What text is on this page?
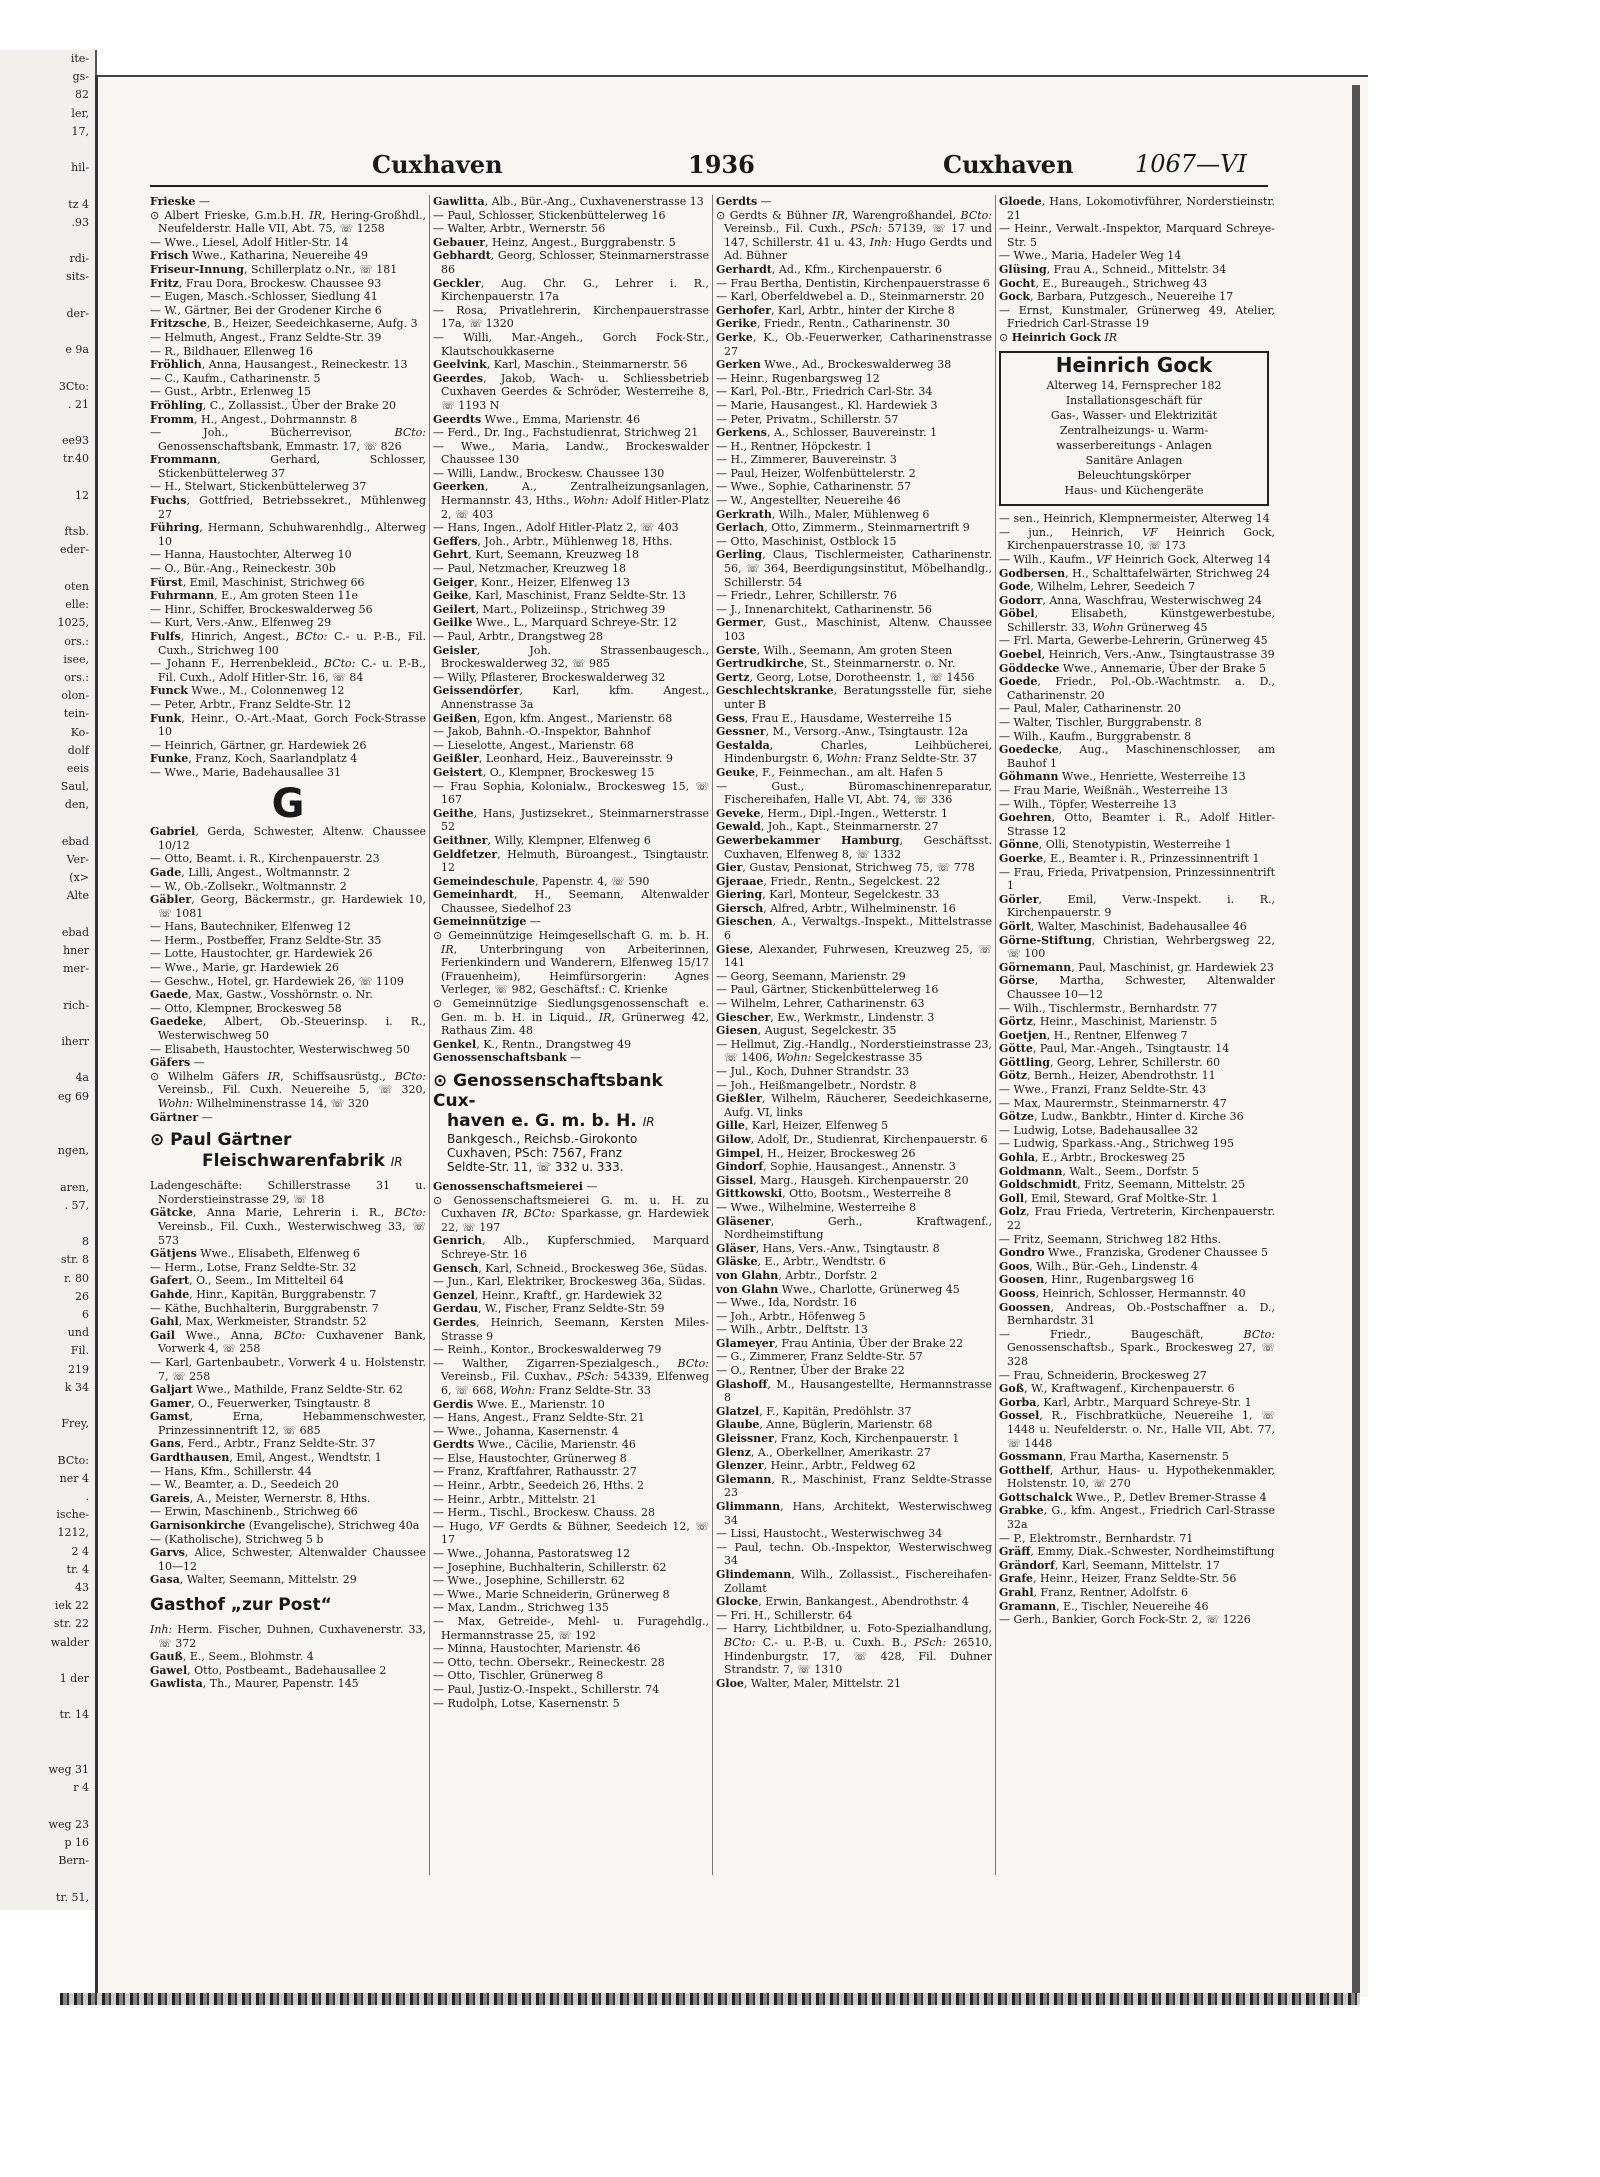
ite-
gs-
82
ler,
17,

hil-

tz 4
.93

rdi-
sits-

der-

e 9a

3Cto:
. 21

ee93
tr.40

12

ftsb.
eder-

oten
elle:
1025,
ors.:
isee,
ors.:
olon-
tein-
Ko-
dolf
eeis
Saul,
den,

ebad
Ver-
(x>
Alte

ebad
hner
mer-

rich-

iherr

4a
eg 69

ngen,

aren,
. 57,

8
str. 8
r. 80
26
6
und
Fil.
219
k 34

Frey,

BCto:
ner 4
.
ische-
1212,
2 4
tr. 4
43
iek 22
str. 22
walder

1 der

tr. 14

weg 31
r 4

weg 23
p 16
Bern-

tr. 51,
Cuxhaven	1936	Cuxhaven	1067—VI

Frieske —

⊙ Albert Frieske, G.m.b.H. IR, Hering-Großhdl., Neufelderstr. Halle VII, Abt. 75, ☏ 1258

— Wwe., Liesel, Adolf Hitler-Str. 14

Frisch Wwe., Katharina, Neuereihe 49

Friseur-Innung, Schillerplatz o.Nr., ☏ 181

Fritz, Frau Dora, Brockesw. Chaussee 93

— Eugen, Masch.-Schlosser, Siedlung 41

— W., Gärtner, Bei der Grodener Kirche 6

Fritzsche, B., Heizer, Seedeichkaserne, Aufg. 3

— Helmuth, Angest., Franz Seldte-Str. 39

— R., Bildhauer, Ellenweg 16

Fröhlich, Anna, Hausangest., Reineckestr. 13

— C., Kaufm., Catharinenstr. 5

— Gust., Arbtr., Erlenweg 15

Fröhling, C., Zollassist., Über der Brake 20

Fromm, H., Angest., Dohrmannstr. 8

— Joh., Bücherrevisor, BCto: Genossenschaftsbank, Emmastr. 17, ☏ 826

Frommann, Gerhard, Schlosser, Stickenbüttelerweg 37

— H., Stelwart, Stickenbüttelerweg 37

Fuchs, Gottfried, Betriebssekret., Mühlenweg 27

Führing, Hermann, Schuhwarenhdlg., Alterweg 10

— Hanna, Haustochter, Alterweg 10

— O., Bür.-Ang., Reineckestr. 30b

Fürst, Emil, Maschinist, Strichweg 66

Fuhrmann, E., Am groten Steen 11e

— Hinr., Schiffer, Brockeswalderweg 56

— Kurt, Vers.-Anw., Elfenweg 29

Fulfs, Hinrich, Angest., BCto: C.- u. P.-B., Fil. Cuxh., Strichweg 100

— Johann F., Herrenbekleid., BCto: C.- u. P.-B., Fil. Cuxh., Adolf Hitler-Str. 16, ☏ 84

Funck Wwe., M., Colonnenweg 12

— Peter, Arbtr., Franz Seldte-Str. 12

Funk, Heinr., O.-Art.-Maat, Gorch Fock-Strasse 10

— Heinrich, Gärtner, gr. Hardewiek 26

Funke, Franz, Koch, Saarlandplatz 4

— Wwe., Marie, Badehausallee 31

G

Gabriel, Gerda, Schwester, Altenw. Chaussee 10/12

— Otto, Beamt. i. R., Kirchenpauerstr. 23

Gade, Lilli, Angest., Woltmannstr. 2

— W., Ob.-Zollsekr., Woltmannstr. 2

Gäbler, Georg, Bäckermstr., gr. Hardewiek 10, ☏ 1081

— Hans, Bautechniker, Elfenweg 12

— Herm., Postbeffer, Franz Seldte-Str. 35

— Lotte, Haustochter, gr. Hardewiek 26

— Wwe., Marie, gr. Hardewiek 26

— Geschw., Hotel, gr. Hardewiek 26, ☏ 1109

Gaede, Max, Gastw., Vosshörnstr. o. Nr.

— Otto, Klempner, Brockesweg 58

Gaedeke, Albert, Ob.-Steuerinsp. i. R., Westerwischweg 50

— Elisabeth, Haustochter, Westerwischweg 50

Gäfers —

⊙ Wilhelm Gäfers IR, Schiffsausrüstg., BCto: Vereinsb., Fil. Cuxh. Neuereihe 5, ☏ 320, Wohn: Wilhelminenstrasse 14, ☏ 320

Gärtner —

⊙ Paul Gärtner
Fleischwarenfabrik IR

Ladengeschäfte: Schillerstrasse 31 u. Norderstieinstrasse 29, ☏ 18

Gätcke, Anna Marie, Lehrerin i. R., BCto: Vereinsb., Fil. Cuxh., Westerwischweg 33, ☏ 573

Gätjens Wwe., Elisabeth, Elfenweg 6

— Herm., Lotse, Franz Seldte-Str. 32

Gafert, O., Seem., Im Mittelteil 64

Gahde, Hinr., Kapitän, Burggrabenstr. 7

— Käthe, Buchhalterin, Burggrabenstr. 7

Gahl, Max, Werkmeister, Strandstr. 52

Gail Wwe., Anna, BCto: Cuxhavener Bank, Vorwerk 4, ☏ 258

— Karl, Gartenbaubetr., Vorwerk 4 u. Holstenstr. 7, ☏ 258

Galjart Wwe., Mathilde, Franz Seldte-Str. 62

Gamer, O., Feuerwerker, Tsingtaustr. 8

Gamst, Erna, Hebammenschwester, Prinzessinnentrift 12, ☏ 685

Gans, Ferd., Arbtr., Franz Seldte-Str. 37

Gardthausen, Emil, Angest., Wendtstr. 1

— Hans, Kfm., Schillerstr. 44

— W., Beamter, a. D., Seedeich 20

Gareis, A., Meister, Wernerstr. 8, Hths.

— Erwin, Maschinenb., Strichweg 66

Garnisonkirche (Evangelische), Strichweg 40a

— (Katholische), Strichweg 5 b

Garvs, Alice, Schwester, Altenwalder Chaussee 10—12

Gasa, Walter, Seemann, Mittelstr. 29

Gasthof „zur Post“

Inh: Herm. Fischer, Duhnen, Cuxhavenerstr. 33, ☏ 372

Gauß, E., Seem., Blohmstr. 4

Gawel, Otto, Postbeamt., Badehausallee 2

Gawlista, Th., Maurer, Papenstr. 145

Gawlitta, Alb., Bür.-Ang., Cuxhavenerstrasse 13

— Paul, Schlosser, Stickenbüttelerweg 16

— Walter, Arbtr., Wernerstr. 56

Gebauer, Heinz, Angest., Burggrabenstr. 5

Gebhardt, Georg, Schlosser, Steinmarnerstrasse 86

Geckler, Aug. Chr. G., Lehrer i. R., Kirchenpauerstr. 17a

— Rosa, Privatlehrerin, Kirchenpauerstrasse 17a, ☏ 1320

— Willi, Mar.-Angeh., Gorch Fock-Str., Klautschoukkaserne

Geelvink, Karl, Maschin., Steinmarnerstr. 56

Geerdes, Jakob, Wach- u. Schliessbetrieb Cuxhaven Geerdes & Schröder, Westerreihe 8, ☏ 1193 N

Geerdts Wwe., Emma, Marienstr. 46

— Ferd., Dr. Ing., Fachstudienrat, Strichweg 21

— Wwe., Maria, Landw., Brockeswalder Chaussee 130

— Willi, Landw., Brockesw. Chaussee 130

Geerken, A., Zentralheizungsanlagen, Hermannstr. 43, Hths., Wohn: Adolf Hitler-Platz 2, ☏ 403

— Hans, Ingen., Adolf Hitler-Platz 2, ☏ 403

Geffers, Joh., Arbtr., Mühlenweg 18, Hths.

Gehrt, Kurt, Seemann, Kreuzweg 18

— Paul, Netzmacher, Kreuzweg 18

Geiger, Konr., Heizer, Elfenweg 13

Geike, Karl, Maschinist, Franz Seldte-Str. 13

Geilert, Mart., Polizeiinsp., Strichweg 39

Geilke Wwe., L., Marquard Schreye-Str. 12

— Paul, Arbtr., Drangstweg 28

Geisler, Joh. Strassenbaugesch., Brockeswalderweg 32, ☏ 985

— Willy, Pflasterer, Brockeswalderweg 32

Geissendörfer, Karl, kfm. Angest., Annenstrasse 3a

Geißen, Egon, kfm. Angest., Marienstr. 68

— Jakob, Bahnh.-O.-Inspektor, Bahnhof

— Lieselotte, Angest., Marienstr. 68

Geißler, Leonhard, Heiz., Bauvereinsstr. 9

Geistert, O., Klempner, Brockesweg 15

— Frau Sophia, Kolonialw., Brockesweg 15, ☏ 167

Geithe, Hans, Justizsekret., Steinmarnerstrasse 52

Geithner, Willy, Klempner, Elfenweg 6

Geldfetzer, Helmuth, Büroangest., Tsingtaustr. 12

Gemeindeschule, Papenstr. 4, ☏ 590

Gemeinhardt, H., Seemann, Altenwalder Chaussee, Siedelhof 23

Gemeinnützige —

⊙ Gemeinnützige Heimgesellschaft G. m. b. H. IR, Unterbringung von Arbeiterinnen, Ferienkindern und Wanderern, Elfenweg 15/17 (Frauenheim), Heimfürsorgerin: Agnes Verleger, ☏ 982, Geschäftsf.: C. Krienke

⊙ Gemeinnützige Siedlungsgenossenschaft e. Gen. m. b. H. in Liquid., IR, Grünerweg 42, Rathaus Zim. 48

Genkel, K., Rentn., Drangstweg 49

Genossenschaftsbank —

⊙ Genossenschaftsbank Cux-
haven e. G. m. b. H. IR
Bankgesch., Reichsb.-Girokonto
Cuxhaven, PSch: 7567, Franz
Seldte-Str. 11, ☏ 332 u. 333.

Genossenschaftsmeierei —

⊙ Genossenschaftsmeierei G. m. u. H. zu Cuxhaven IR, BCto: Sparkasse, gr. Hardewiek 22, ☏ 197

Genrich, Alb., Kupferschmied, Marquard Schreye-Str. 16

Gensch, Karl, Schneid., Brockesweg 36e, Südas.

— Jun., Karl, Elektriker, Brockesweg 36a, Südas.

Genzel, Heinr., Kraftf., gr. Hardewiek 32

Gerdau, W., Fischer, Franz Seldte-Str. 59

Gerdes, Heinrich, Seemann, Kersten Miles-Strasse 9

— Reinh., Kontor., Brockeswalderweg 79

— Walther, Zigarren-Spezialgesch., BCto: Vereinsb., Fil. Cuxhav., PSch: 54339, Elfenweg 6, ☏ 668, Wohn: Franz Seldte-Str. 33

Gerdis Wwe. E., Marienstr. 10

— Hans, Angest., Franz Seldte-Str. 21

— Wwe., Johanna, Kasernenstr. 4

Gerdts Wwe., Cäcilie, Marienstr. 46

— Else, Haustochter, Grünerweg 8

— Franz, Kraftfahrer, Rathausstr. 27

— Heinr., Arbtr., Seedeich 26, Hths. 2

— Heinr., Arbtr., Mittelstr. 21

— Herm., Tischl., Brockesw. Chauss. 28

— Hugo, VF Gerdts & Bühner, Seedeich 12, ☏ 17

— Wwe., Johanna, Pastoratsweg 12

— Josephine, Buchhalterin, Schillerstr. 62

— Wwe., Josephine, Schillerstr. 62

— Wwe., Marie Schneiderin, Grünerweg 8

— Max, Landm., Strichweg 135

— Max, Getreide-, Mehl- u. Furagehdlg., Hermannstrasse 25, ☏ 192

— Minna, Haustochter, Marienstr. 46

— Otto, techn. Obersekr., Reineckestr. 28

— Otto, Tischler, Grünerweg 8

— Paul, Justiz-O.-Inspekt., Schillerstr. 74

— Rudolph, Lotse, Kasernenstr. 5

Gerdts —

⊙ Gerdts & Bühner IR, Warengroßhandel, BCto: Vereinsb., Fil. Cuxh., PSch: 57139, ☏ 17 und 147, Schillerstr. 41 u. 43, Inh: Hugo Gerdts und Ad. Bühner

Gerhardt, Ad., Kfm., Kirchenpauerstr. 6

— Frau Bertha, Dentistin, Kirchenpauerstrasse 6

— Karl, Oberfeldwebel a. D., Steinmarnerstr. 20

Gerhofer, Karl, Arbtr., hinter der Kirche 8

Gerike, Friedr., Rentn., Catharinenstr. 30

Gerke, K., Ob.-Feuerwerker, Catharinenstrasse 27

Gerken Wwe., Ad., Brockeswalderweg 38

— Heinr., Rugenbargsweg 12

— Karl, Pol.-Btr., Friedrich Carl-Str. 34

— Marie, Hausangest., Kl. Hardewiek 3

— Peter, Privatm., Schillerstr. 57

Gerkens, A., Schlosser, Bauvereinstr. 1

— H., Rentner, Höpckestr. 1

— H., Zimmerer, Bauvereinstr. 3

— Paul, Heizer, Wolfenbüttelerstr. 2

— Wwe., Sophie, Catharinenstr. 57

— W., Angestellter, Neuereihe 46

Gerkrath, Wilh., Maler, Mühlenweg 6

Gerlach, Otto, Zimmerm., Steinmarnertrift 9

— Otto, Maschinist, Ostblock 15

Gerling, Claus, Tischlermeister, Catharinenstr. 56, ☏ 364, Beerdigungsinstitut, Möbelhandlg., Schillerstr. 54

— Friedr., Lehrer, Schillerstr. 76

— J., Innenarchitekt, Catharinenstr. 56

Germer, Gust., Maschinist, Altenw. Chaussee 103

Gerste, Wilh., Seemann, Am groten Steen

Gertrudkirche, St., Steinmarnerstr. o. Nr.

Gertz, Georg, Lotse, Dorotheenstr. 1, ☏ 1456

Geschlechtskranke, Beratungsstelle für, siehe unter B

Gess, Frau E., Hausdame, Westerreihe 15

Gessner, M., Versorg.-Anw., Tsingtaustr. 12a

Gestalda, Charles, Leihbücherei, Hindenburgstr. 6, Wohn: Franz Seldte-Str. 37

Geuke, F., Feinmechan., am alt. Hafen 5

— Gust., Büromaschinenreparatur, Fischereihafen, Halle VI, Abt. 74, ☏ 336

Geveke, Herm., Dipl.-Ingen., Wetterstr. 1

Gewald, Joh., Kapt., Steinmarnerstr. 27

Gewerbekammer Hamburg, Geschäftsst. Cuxhaven, Elfenweg 8, ☏ 1332

Gier, Gustav, Pensionat, Strichweg 75, ☏ 778

Gjeraae, Friedr., Rentn., Segelckest. 22

Giering, Karl, Monteur, Segelckestr. 33

Giersch, Alfred, Arbtr., Wilhelminenstr. 16

Gieschen, A., Verwaltgs.-Inspekt., Mittelstrasse 6

Giese, Alexander, Fuhrwesen, Kreuzweg 25, ☏ 141

— Georg, Seemann, Marienstr. 29

— Paul, Gärtner, Stickenbüttelerweg 16

— Wilhelm, Lehrer, Catharinenstr. 63

Giescher, Ew., Werkmstr., Lindenstr. 3

Giesen, August, Segelckestr. 35

— Hellmut, Zig.-Handlg., Norderstieinstrasse 23, ☏ 1406, Wohn: Segelckestrasse 35

— Jul., Koch, Duhner Strandstr. 33

— Joh., Heißmangelbetr., Nordstr. 8

Gießler, Wilhelm, Räucherer, Seedeichkaserne, Aufg. VI, links

Gille, Karl, Heizer, Elfenweg 5

Gilow, Adolf, Dr., Studienrat, Kirchenpauerstr. 6

Gimpel, H., Heizer, Brockesweg 26

Gindorf, Sophie, Hausangest., Annenstr. 3

Gissel, Marg., Hausgeh. Kirchenpauerstr. 20

Gittkowski, Otto, Bootsm., Westerreihe 8

— Wwe., Wilhelmine, Westerreihe 8

Gläsener, Gerh., Kraftwagenf., Nordheimstiftung

Gläser, Hans, Vers.-Anw., Tsingtaustr. 8

Gläske, E., Arbtr., Wendtstr. 6

von Glahn, Arbtr., Dorfstr. 2

von Glahn Wwe., Charlotte, Grünerweg 45

— Wwe., Ida, Nordstr. 16

— Joh., Arbtr., Höfenweg 5

— Wilh., Arbtr., Delftstr. 13

Glameyer, Frau Antinia, Über der Brake 22

— G., Zimmerer, Franz Seldte-Str. 57

— O., Rentner, Über der Brake 22

Glashoff, M., Hausangestellte, Hermannstrasse 8

Glatzel, F., Kapitän, Predöhlstr. 37

Glaube, Anne, Büglerin, Marienstr. 68

Gleissner, Franz, Koch, Kirchenpauerstr. 1

Glenz, A., Oberkellner, Amerikastr. 27

Glenzer, Heinr., Arbtr., Feldweg 62

Glemann, R., Maschinist, Franz Seldte-Strasse 23

Glimmann, Hans, Architekt, Westerwischweg 34

— Lissi, Haustocht., Westerwischweg 34

— Paul, techn. Ob.-Inspektor, Westerwischweg 34

Glindemann, Wilh., Zollassist., Fischereihafen-Zollamt

Glocke, Erwin, Bankangest., Abendrothstr. 4

— Fri. H., Schillerstr. 64

— Harry, Lichtbildner, u. Foto-Spezialhandlung, BCto: C.- u. P.-B. u. Cuxh. B., PSch: 26510, Hindenburgstr. 17, ☏ 428, Fil. Duhner Strandstr. 7, ☏ 1310

Gloe, Walter, Maler, Mittelstr. 21

Gloede, Hans, Lokomotivführer, Norderstieinstr. 21

— Heinr., Verwalt.-Inspektor, Marquard Schreye-Str. 5

— Wwe., Maria, Hadeler Weg 14

Glüsing, Frau A., Schneid., Mittelstr. 34

Gocht, E., Bureaugeh., Strichweg 43

Gock, Barbara, Putzgesch., Neuereihe 17

— Ernst, Kunstmaler, Grünerweg 49, Atelier, Friedrich Carl-Strasse 19

⊙ Heinrich Gock IR

Heinrich Gock
Alterweg 14, Fernsprecher 182
Installationsgeschäft für
Gas-, Wasser- und Elektrizität
Zentralheizungs- u. Warm-
wasserbereitungs - Anlagen
Sanitäre Anlagen
Beleuchtungskörper
Haus- und Küchengeräte

— sen., Heinrich, Klempnermeister, Alterweg 14

— jun., Heinrich, VF Heinrich Gock, Kirchenpauerstrasse 10, ☏ 173

— Wilh., Kaufm., VF Heinrich Gock, Alterweg 14

Godbersen, H., Schalttafelwärter, Strichweg 24

Gode, Wilhelm, Lehrer, Seedeich 7

Godorr, Anna, Waschfrau, Westerwischweg 24

Göbel, Elisabeth, Künstgewerbestube, Schillerstr. 33, Wohn Grünerweg 45

— Frl. Marta, Gewerbe-Lehrerin, Grünerweg 45

Goebel, Heinrich, Vers.-Anw., Tsingtaustrasse 39

Göddecke Wwe., Annemarie, Über der Brake 5

Goede, Friedr., Pol.-Ob.-Wachtmstr. a. D., Catharinenstr. 20

— Paul, Maler, Catharinenstr. 20

— Walter, Tischler, Burggrabenstr. 8

— Wilh., Kaufm., Burggrabenstr. 8

Goedecke, Aug., Maschinenschlosser, am Bauhof 1

Göhmann Wwe., Henriette, Westerreihe 13

— Frau Marie, Weißnäh., Westerreihe 13

— Wilh., Töpfer, Westerreihe 13

Goehren, Otto, Beamter i. R., Adolf Hitler-Strasse 12

Gönne, Olli, Stenotypistin, Westerreihe 1

Goerke, E., Beamter i. R., Prinzessinnentrift 1

— Frau, Frieda, Privatpension, Prinzessinnentrift 1

Görler, Emil, Verw.-Inspekt. i. R., Kirchenpauerstr. 9

Görlt, Walter, Maschinist, Badehausallee 46

Görne-Stiftung, Christian, Wehrbergsweg 22, ☏ 100

Görnemann, Paul, Maschinist, gr. Hardewiek 23

Görse, Martha, Schwester, Altenwalder Chaussee 10—12

— Wilh., Tischlermstr., Bernhardstr. 77

Görtz, Heinr., Maschinist, Marienstr. 5

Goetjen, H., Rentner, Elfenweg 7

Götte, Paul, Mar.-Angeh., Tsingtaustr. 14

Göttling, Georg, Lehrer, Schillerstr. 60

Götz, Bernh., Heizer, Abendrothstr. 11

— Wwe., Franzi, Franz Seldte-Str. 43

— Max, Maurermstr., Steinmarnerstr. 47

Götze, Ludw., Bankbtr., Hinter d. Kirche 36

— Ludwig, Lotse, Badehausallee 32

— Ludwig, Sparkass.-Ang., Strichweg 195

Gohla, E., Arbtr., Brockesweg 25

Goldmann, Walt., Seem., Dorfstr. 5

Goldschmidt, Fritz, Seemann, Mittelstr. 25

Goll, Emil, Steward, Graf Moltke-Str. 1

Golz, Frau Frieda, Vertreterin, Kirchenpauerstr. 22

— Fritz, Seemann, Strichweg 182 Hths.

Gondro Wwe., Franziska, Grodener Chaussee 5

Goos, Wilh., Bür.-Geh., Lindenstr. 4

Goosen, Hinr., Rugenbargsweg 16

Gooss, Heinrich, Schlosser, Hermannstr. 40

Goossen, Andreas, Ob.-Postschaffner a. D., Bernhardstr. 31

— Friedr., Baugeschäft, BCto: Genossenschaftsb., Spark., Brockesweg 27, ☏ 328

— Frau, Schneiderin, Brockesweg 27

Goß, W., Kraftwagenf., Kirchenpauerstr. 6

Gorba, Karl, Arbtr., Marquard Schreye-Str. 1

Gossel, R., Fischbratküche, Neuereihe 1, ☏ 1448 u. Neufelderstr. o. Nr., Halle VII, Abt. 77, ☏ 1448

Gossmann, Frau Martha, Kasernenstr. 5

Gotthelf, Arthur, Haus- u. Hypothekenmakler, Holstenstr. 10, ☏ 270

Gottschalck Wwe., P., Detlev Bremer-Strasse 4

Grabke, G., kfm. Angest., Friedrich Carl-Strasse 32a

— P., Elektromstr., Bernhardstr. 71

Gräff, Emmy, Diak.-Schwester, Nordheimstiftung

Grändorf, Karl, Seemann, Mittelstr. 17

Grafe, Heinr., Heizer, Franz Seldte-Str. 56

Grahl, Franz, Rentner, Adolfstr. 6

Gramann, E., Tischler, Neuereihe 46

— Gerh., Bankier, Gorch Fock-Str. 2, ☏ 1226
